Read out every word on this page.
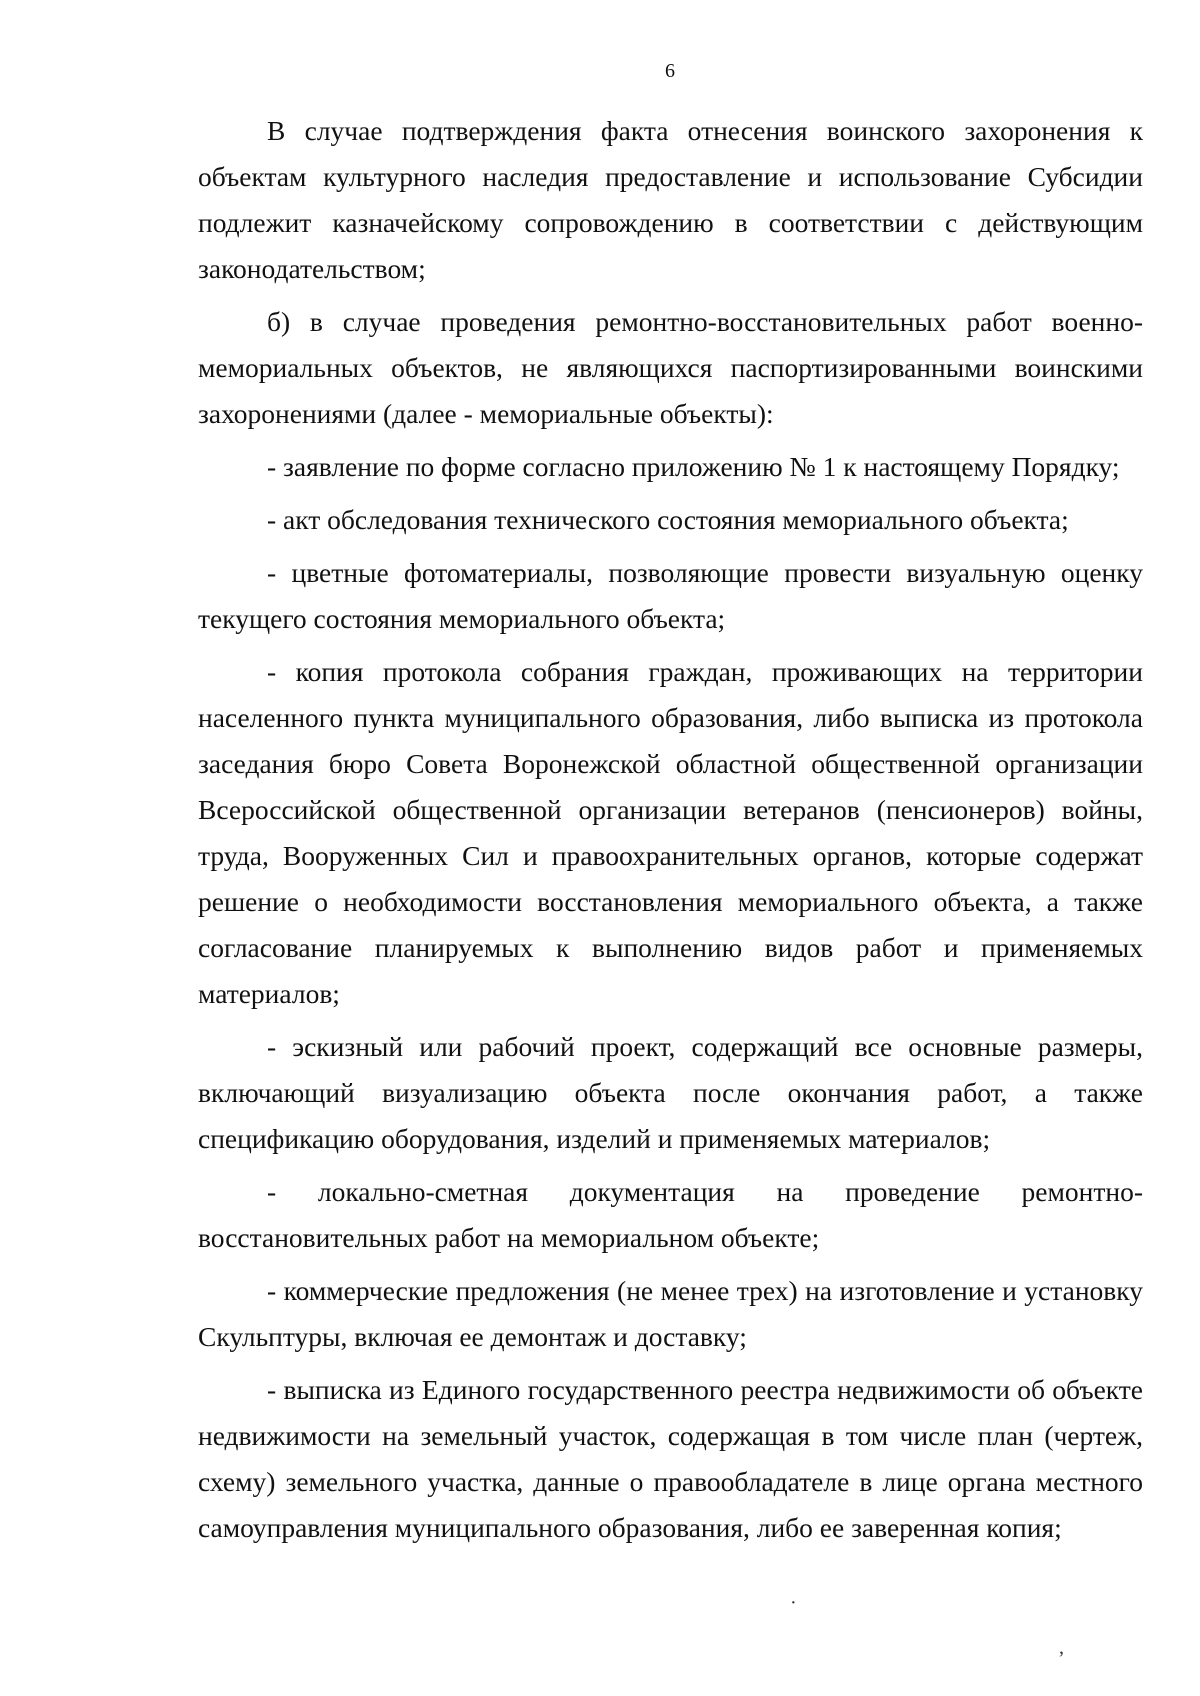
6

В случае подтверждения факта отнесения воинского захоронения к объектам культурного наследия предоставление и использование Субсидии подлежит казначейскому сопровождению в соответствии с действующим законодательством;

б) в случае проведения ремонтно-восстановительных работ военно-мемориальных объектов, не являющихся паспортизированными воинскими захоронениями (далее - мемориальные объекты):

- заявление по форме согласно приложению № 1 к настоящему Порядку;

- акт обследования технического состояния мемориального объекта;

- цветные фотоматериалы, позволяющие провести визуальную оценку текущего состояния мемориального объекта;

- копия протокола собрания граждан, проживающих на территории населенного пункта муниципального образования, либо выписка из протокола заседания бюро Совета Воронежской областной общественной организации Всероссийской общественной организации ветеранов (пенсионеров) войны, труда, Вооруженных Сил и правоохранительных органов, которые содержат решение о необходимости восстановления мемориального объекта, а также согласование планируемых к выполнению видов работ и применяемых материалов;

- эскизный или рабочий проект, содержащий все основные размеры, включающий визуализацию объекта после окончания работ, а также спецификацию оборудования, изделий и применяемых материалов;

- локально-сметная документация на проведение ремонтно-восстановительных работ на мемориальном объекте;

- коммерческие предложения (не менее трех) на изготовление и установку Скульптуры, включая ее демонтаж и доставку;

- выписка из Единого государственного реестра недвижимости об объекте недвижимости на земельный участок, содержащая в том числе план (чертеж, схему) земельного участка, данные о правообладателе в лице органа местного самоуправления муниципального образования, либо ее заверенная копия;

·
ʼ
